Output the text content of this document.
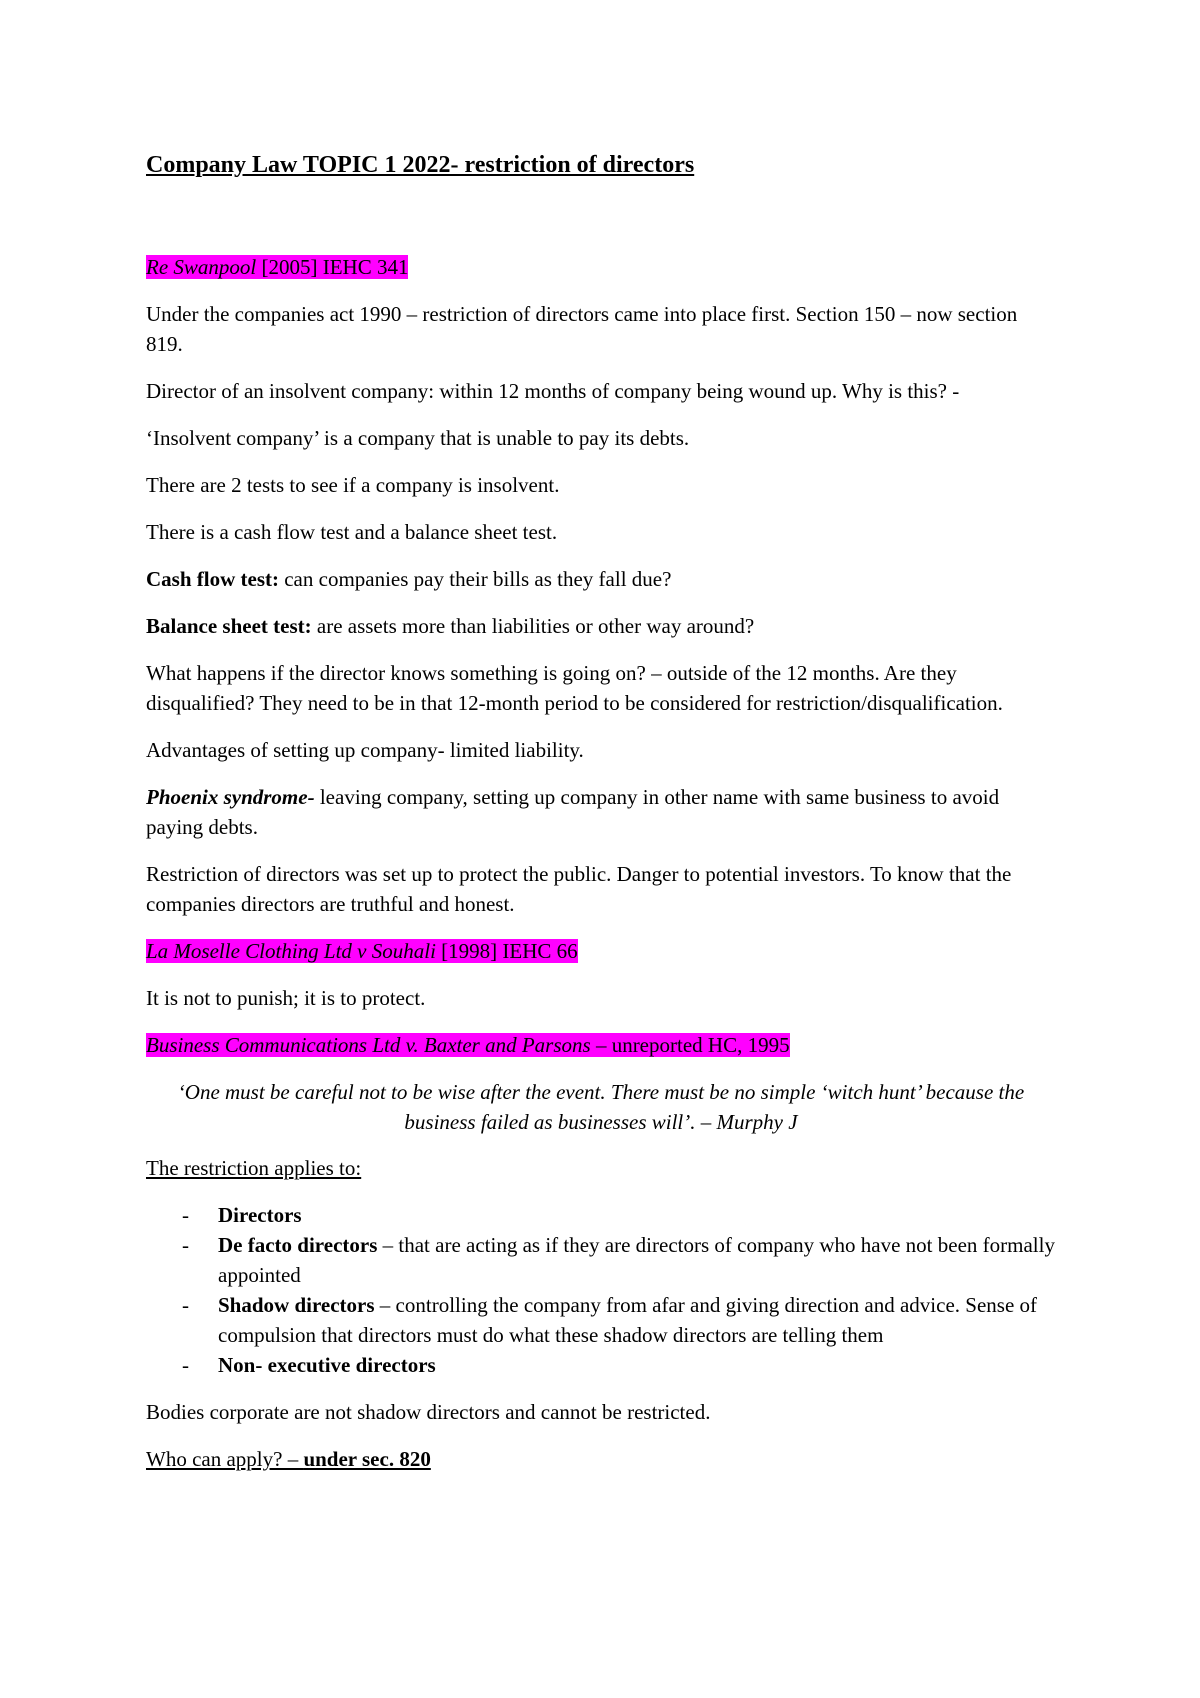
Company Law TOPIC 1 2022- restriction of directors

Re Swanpool [2005] IEHC 341

Under the companies act 1990 – restriction of directors came into place first. Section 150 – now section 819.

Director of an insolvent company: within 12 months of company being wound up. Why is this? -

‘Insolvent company’ is a company that is unable to pay its debts.

There are 2 tests to see if a company is insolvent.

There is a cash flow test and a balance sheet test.

Cash flow test: can companies pay their bills as they fall due?

Balance sheet test: are assets more than liabilities or other way around?

What happens if the director knows something is going on? – outside of the 12 months. Are they disqualified? They need to be in that 12-month period to be considered for restriction/disqualification.

Advantages of setting up company- limited liability.

Phoenix syndrome- leaving company, setting up company in other name with same business to avoid paying debts.

Restriction of directors was set up to protect the public. Danger to potential investors. To know that the companies directors are truthful and honest.

La Moselle Clothing Ltd v Souhali [1998] IEHC 66

It is not to punish; it is to protect.

Business Communications Ltd v. Baxter and Parsons – unreported HC, 1995

‘One must be careful not to be wise after the event. There must be no simple ‘witch hunt’ because the business failed as businesses will’. – Murphy J

The restriction applies to:

- Directors
- De facto directors – that are acting as if they are directors of company who have not been formally appointed
- Shadow directors – controlling the company from afar and giving direction and advice. Sense of compulsion that directors must do what these shadow directors are telling them
- Non- executive directors

Bodies corporate are not shadow directors and cannot be restricted.

Who can apply? – under sec. 820
